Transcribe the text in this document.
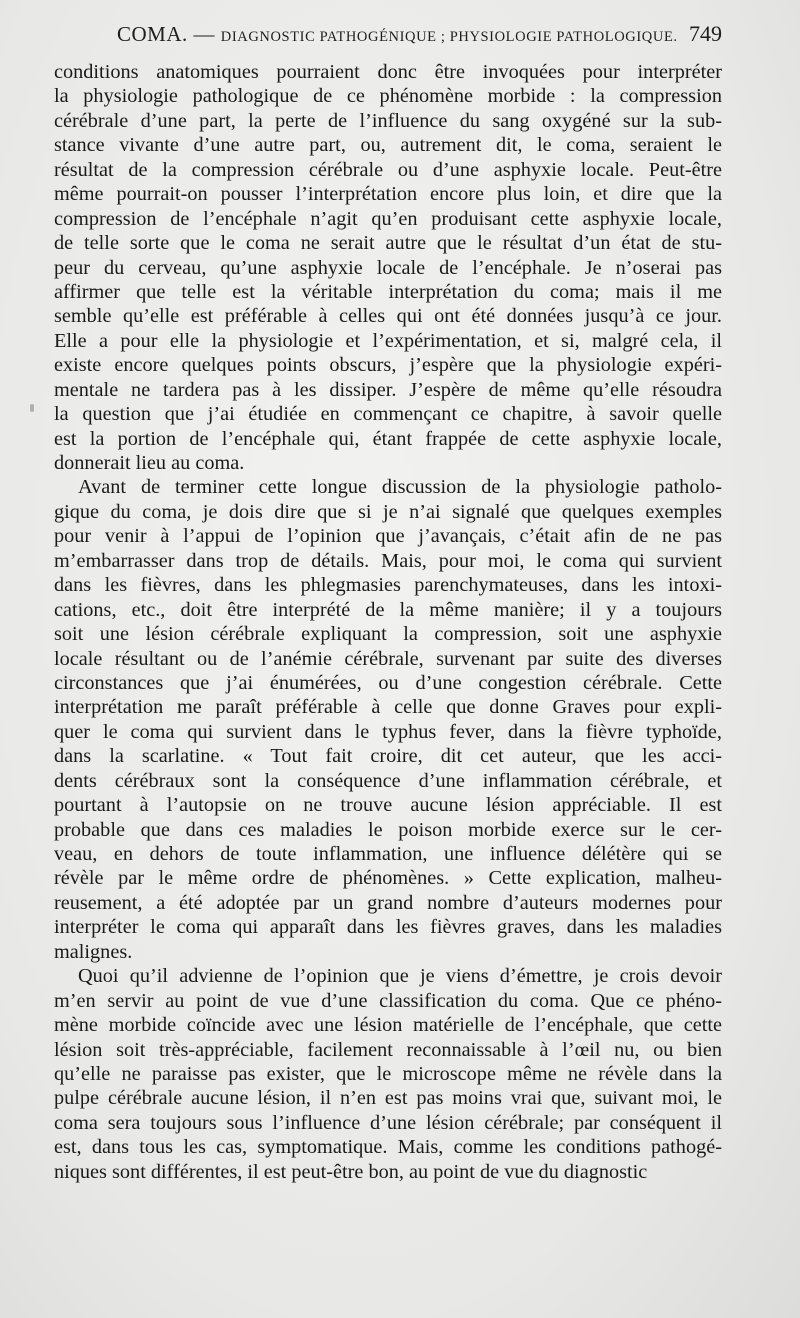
COMA. — DIAGNOSTIC PATHOGÉNIQUE ; PHYSIOLOGIE PATHOLOGIQUE. 749

conditions anatomiques pourraient donc être invoquées pour interpréter
la physiologie pathologique de ce phénomène morbide : la compression
cérébrale d’une part, la perte de l’influence du sang oxygéné sur la sub-
stance vivante d’une autre part, ou, autrement dit, le coma, seraient le
résultat de la compression cérébrale ou d’une asphyxie locale. Peut-être
même pourrait-on pousser l’interprétation encore plus loin, et dire que la
compression de l’encéphale n’agit qu’en produisant cette asphyxie locale,
de telle sorte que le coma ne serait autre que le résultat d’un état de stu-
peur du cerveau, qu’une asphyxie locale de l’encéphale. Je n’oserai pas
affirmer que telle est la véritable interprétation du coma; mais il me
semble qu’elle est préférable à celles qui ont été données jusqu’à ce jour.
Elle a pour elle la physiologie et l’expérimentation, et si, malgré cela, il
existe encore quelques points obscurs, j’espère que la physiologie expéri-
mentale ne tardera pas à les dissiper. J’espère de même qu’elle résoudra
la question que j’ai étudiée en commençant ce chapitre, à savoir quelle
est la portion de l’encéphale qui, étant frappée de cette asphyxie locale,
donnerait lieu au coma.

Avant de terminer cette longue discussion de la physiologie patholo-
gique du coma, je dois dire que si je n’ai signalé que quelques exemples
pour venir à l’appui de l’opinion que j’avançais, c’était afin de ne pas
m’embarrasser dans trop de détails. Mais, pour moi, le coma qui survient
dans les fièvres, dans les phlegmasies parenchymateuses, dans les intoxi-
cations, etc., doit être interprété de la même manière; il y a toujours
soit une lésion cérébrale expliquant la compression, soit une asphyxie
locale résultant ou de l’anémie cérébrale, survenant par suite des diverses
circonstances que j’ai énumérées, ou d’une congestion cérébrale. Cette
interprétation me paraît préférable à celle que donne Graves pour expli-
quer le coma qui survient dans le typhus fever, dans la fièvre typhoïde,
dans la scarlatine. « Tout fait croire, dit cet auteur, que les acci-
dents cérébraux sont la conséquence d’une inflammation cérébrale, et
pourtant à l’autopsie on ne trouve aucune lésion appréciable. Il est
probable que dans ces maladies le poison morbide exerce sur le cer-
veau, en dehors de toute inflammation, une influence délétère qui se
révèle par le même ordre de phénomènes. » Cette explication, malheu-
reusement, a été adoptée par un grand nombre d’auteurs modernes pour
interpréter le coma qui apparaît dans les fièvres graves, dans les maladies
malignes.

Quoi qu’il advienne de l’opinion que je viens d’émettre, je crois devoir
m’en servir au point de vue d’une classification du coma. Que ce phéno-
mène morbide coïncide avec une lésion matérielle de l’encéphale, que cette
lésion soit très-appréciable, facilement reconnaissable à l’œil nu, ou bien
qu’elle ne paraisse pas exister, que le microscope même ne révèle dans la
pulpe cérébrale aucune lésion, il n’en est pas moins vrai que, suivant moi, le
coma sera toujours sous l’influence d’une lésion cérébrale; par conséquent il
est, dans tous les cas, symptomatique. Mais, comme les conditions pathogé-
niques sont différentes, il est peut-être bon, au point de vue du diagnostic
